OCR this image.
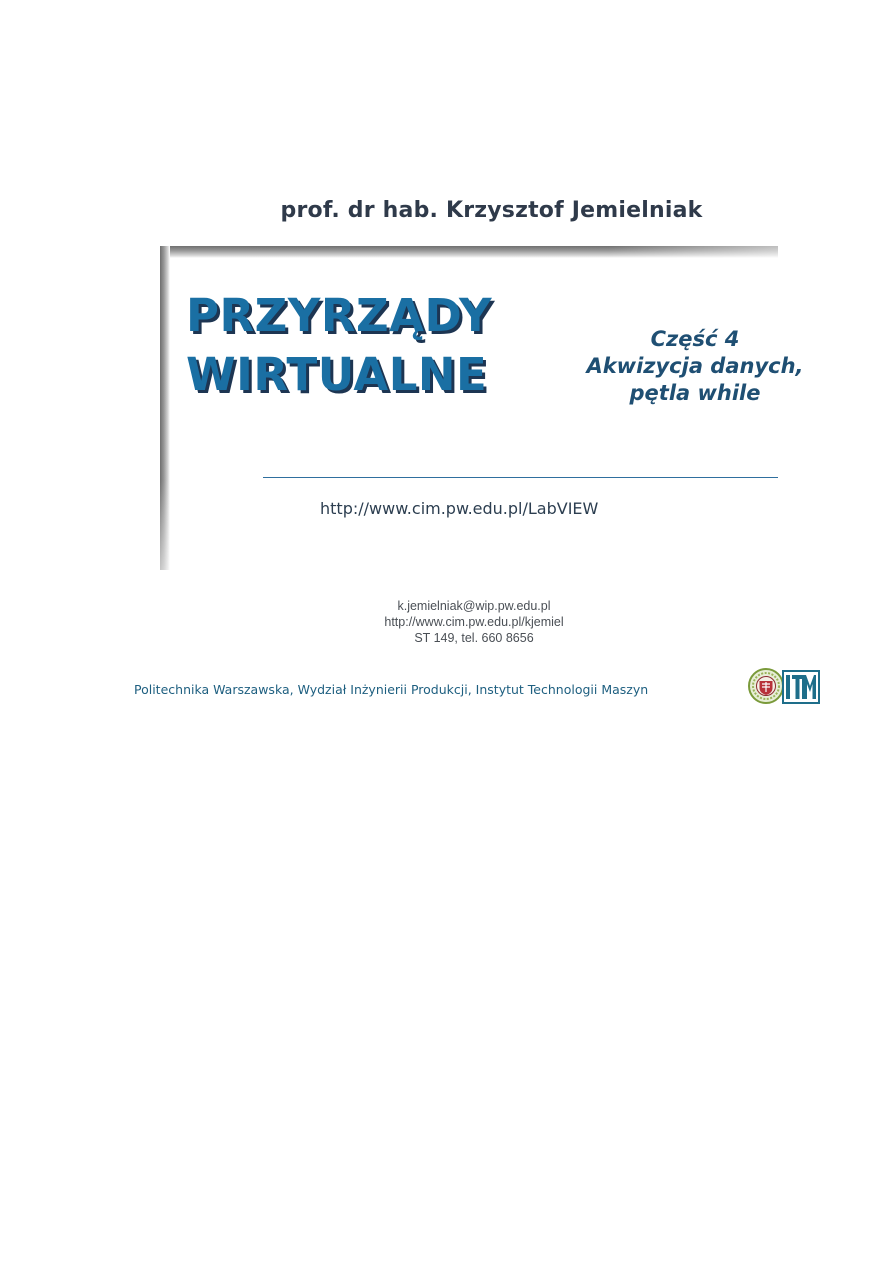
prof. dr hab. Krzysztof Jemielniak
PRZYRZĄDY
WIRTUALNE
Część 4
Akwizycja danych,
pętla while
http://www.cim.pw.edu.pl/LabVIEW
k.jemielniak@wip.pw.edu.pl
http://www.cim.pw.edu.pl/kjemiel
ST 149, tel. 660 8656
Politechnika Warszawska, Wydział Inżynierii Produkcji, Instytut Technologii Maszyn
